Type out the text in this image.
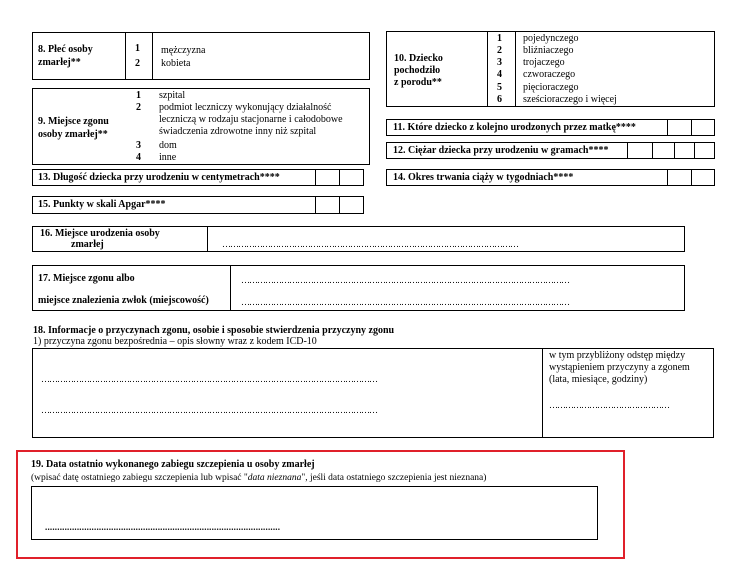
8. Płeć osoby
zmarłej**
1
2
mężczyzna
kobieta
9. Miejsce zgonu
osoby zmarłej**
1
2
3
4
szpital
podmiot leczniczy wykonujący działalność
leczniczą w rodzaju stacjonarne i całodobowe
świadczenia zdrowotne inny niż szpital
dom
inne
10. Dziecko
pochodziło
z porodu**
1
2
3
4
5
6
pojedynczego
bliźniaczego
trojaczego
czworaczego
pięcioraczego
sześcioraczego i więcej
11. Które dziecko z kolejno urodzonych przez matkę****
12. Ciężar dziecka przy urodzeniu w gramach****
13. Długość dziecka przy urodzeniu w centymetrach****	14. Okres trwania ciąży w tygodniach****
15. Punkty w skali Apgar****
16. Miejsce urodzenia osoby
zmarłej	…………………………………………………………………………………………………
17. Miejsce zgonu albo
miejsce znalezienia zwłok (miejscowość)
……………………………………………………………………………………………………………
……………………………………………………………………………………………………………
18. Informacje o przyczynach zgonu, osobie i sposobie stwierdzenia przyczyny zgonu
1) przyczyna zgonu bezpośrednia – opis słowny wraz z kodem ICD-10
………………………………………………………………………………………………………………
………………………………………………………………………………………………………………
w tym przybliżony odstęp między
wystąpieniem przyczyny a zgonem
(lata, miesiące, godziny)
………………………………………
19. Data ostatnio wykonanego zabiegu szczepienia u osoby zmarłej
(wpisać datę ostatniego zabiegu szczepienia lub wpisać "data nieznana", jeśli data ostatniego szczepienia jest nieznana)
................................................................................................
